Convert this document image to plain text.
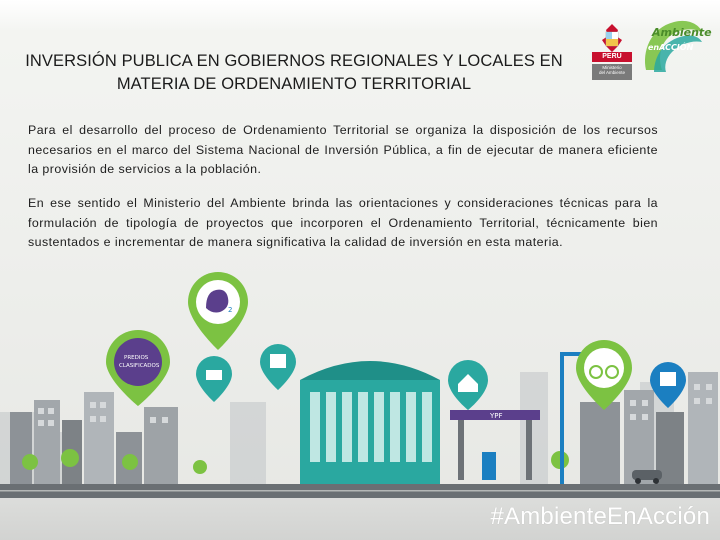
INVERSIÓN PUBLICA EN GOBIERNOS REGIONALES Y LOCALES EN
MATERIA DE ORDENAMIENTO TERRITORIAL
PERÚ
Ministerio
del Ambiente
Ambiente
enACCIÓN

Para el desarrollo del proceso de Ordenamiento Territorial se organiza la disposición de los recursos necesarios en el marco del Sistema Nacional de Inversión Pública, a fin de ejecutar de manera eficiente la provisión de servicios a la población.

En ese sentido el Ministerio del Ambiente brinda las orientaciones y consideraciones técnicas para la formulación de tipología de proyectos que incorporen el Ordenamiento Territorial, técnicamente bien sustentados e incrementar de manera significativa la calidad de inversión en esta materia.

YPF
PREDIOS
CLASIFICADOS
2
#AmbienteEnAcción
